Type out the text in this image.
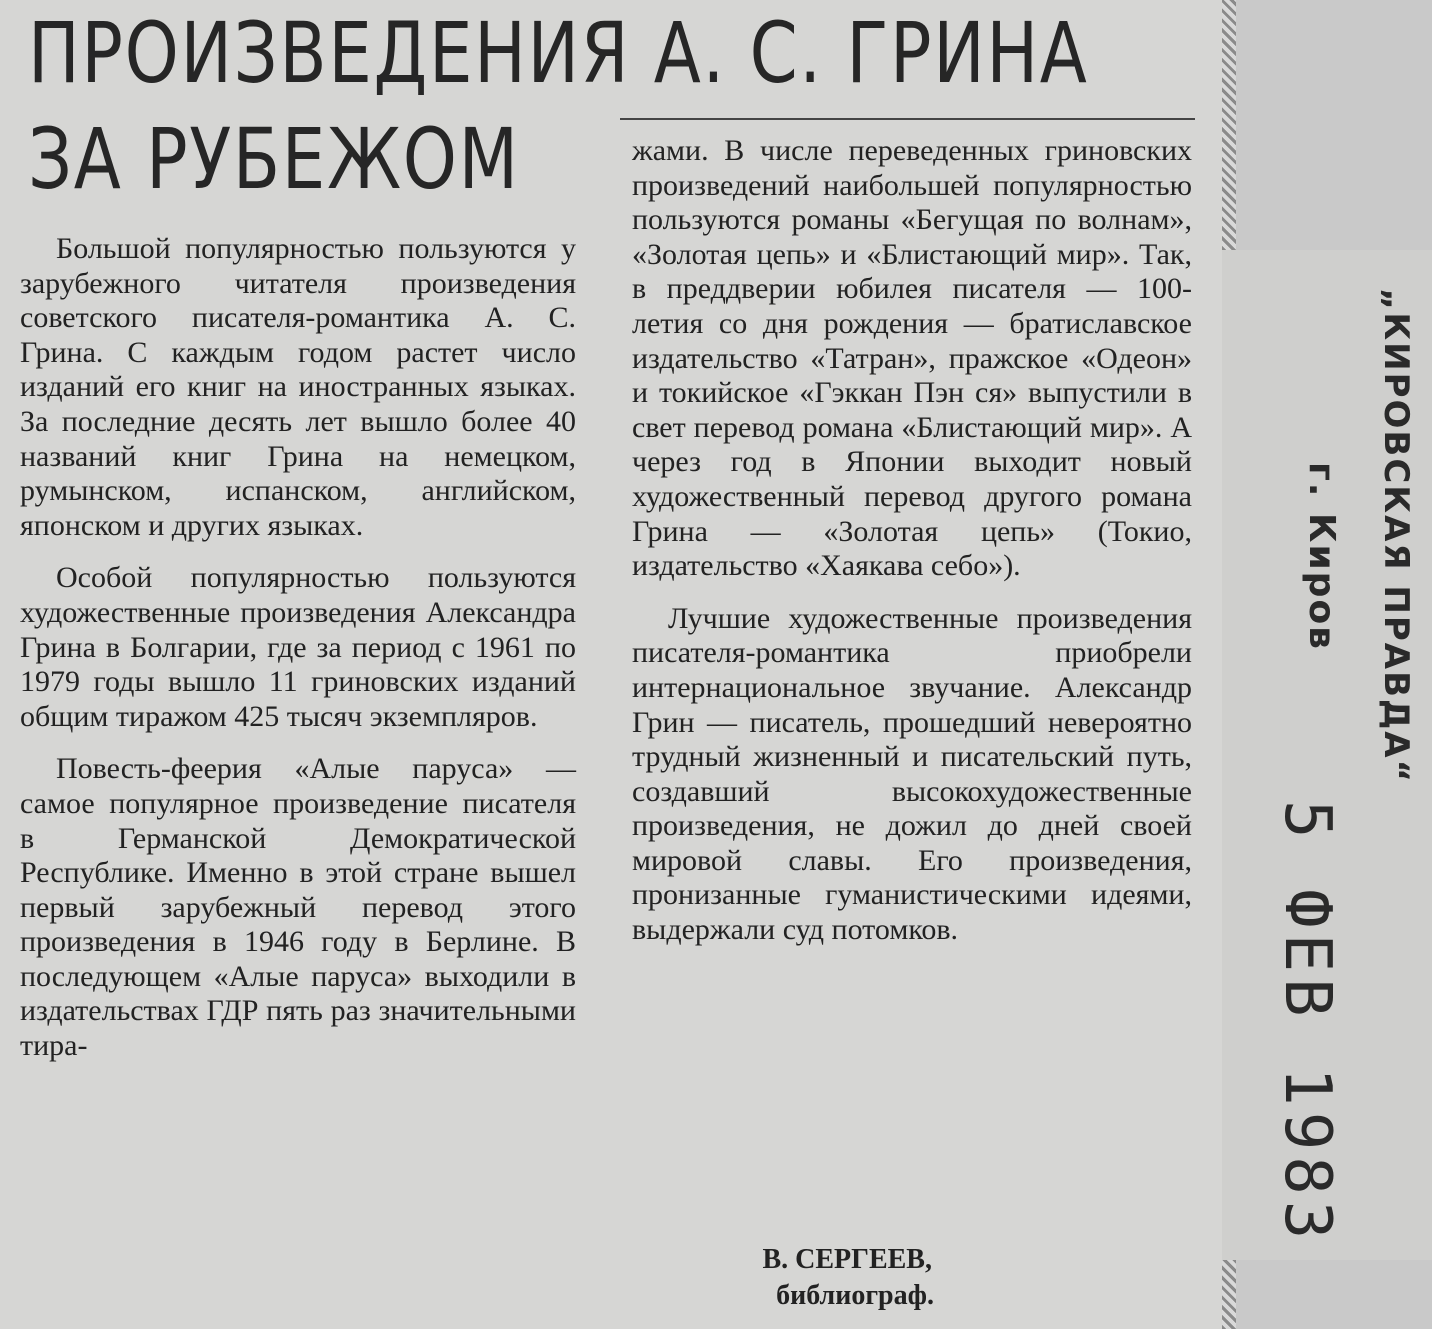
ПРОИЗВЕДЕНИЯ А. С. ГРИНА
ЗА РУБЕЖОМ

Большой популярностью пользуются у зарубежного читателя произведения советского писателя-романтика А. С. Грина. С каждым годом растет число изданий его книг на иностранных языках. За последние десять лет вышло более 40 названий книг Грина на немецком, румынском, испанском, английском, японском и других языках.

Особой популярностью пользуются художественные произведения Александра Грина в Болгарии, где за период с 1961 по 1979 годы вышло 11 гриновских изданий общим тиражом 425 тысяч экземпляров.

Повесть-феерия «Алые паруса» — самое популярное произведение писателя в Германской Демократической Республике. Именно в этой стране вышел первый зарубежный перевод этого произведения в 1946 году в Берлине. В последующем «Алые паруса» выходили в издательствах ГДР пять раз значительными тира-

жами. В числе переведенных гриновских произведений наибольшей популярностью пользуются романы «Бегущая по волнам», «Золотая цепь» и «Блистающий мир». Так, в преддверии юбилея писателя — 100-летия со дня рождения — братиславское издательство «Татран», пражское «Одеон» и токийское «Гэккан Пэн ся» выпустили в свет перевод романа «Блистающий мир». А через год в Японии выходит новый художественный перевод другого романа Грина — «Золотая цепь» (Токио, издательство «Хаякава себо»).

Лучшие художественные произведения писателя-романтика приобрели интернациональное звучание. Александр Грин — писатель, прошедший невероятно трудный жизненный и писательский путь, создавший высокохудожественные произведения, не дожил до дней своей мировой славы. Его произведения, пронизанные гуманистическими идеями, выдержали суд потомков.

В. СЕРГЕЕВ,
библиограф.
„КИРОВСКАЯ ПРАВДА“
г. Киров
5 ФЕВ 1983
